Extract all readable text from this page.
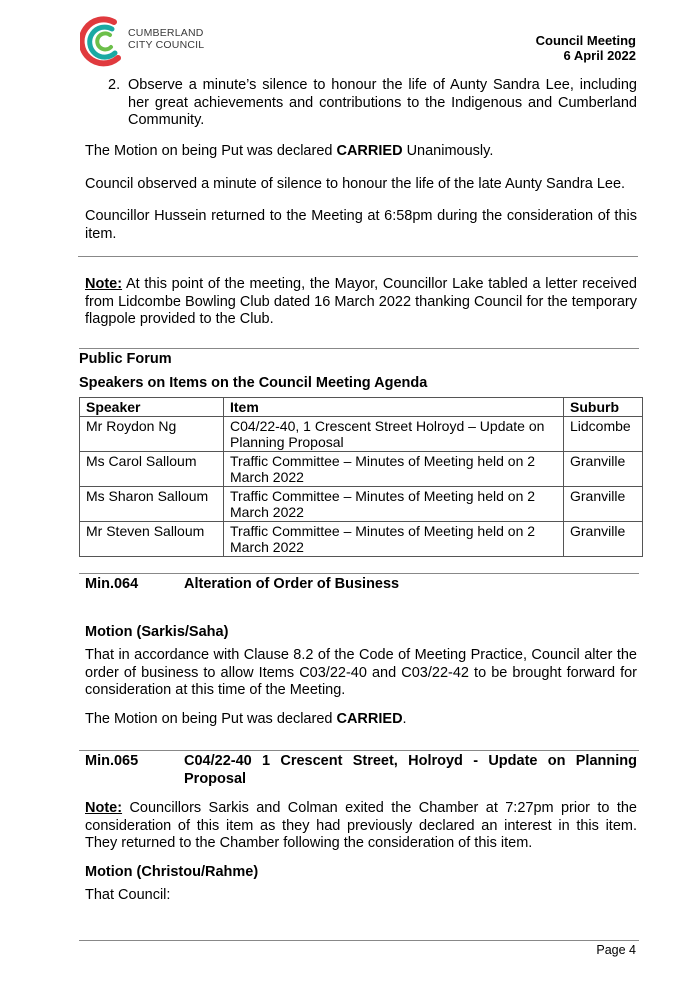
CUMBERLAND
CITY COUNCIL	Council Meeting
6 April 2022
2. Observe a minute’s silence to honour the life of Aunty Sandra Lee, including her great achievements and contributions to the Indigenous and Cumberland Community.
The Motion on being Put was declared CARRIED Unanimously.
Council observed a minute of silence to honour the life of the late Aunty Sandra Lee.
Councillor Hussein returned to the Meeting at 6:58pm during the consideration of this item.
Note: At this point of the meeting, the Mayor, Councillor Lake tabled a letter received from Lidcombe Bowling Club dated 16 March 2022 thanking Council for the temporary flagpole provided to the Club.
Public Forum
Speakers on Items on the Council Meeting Agenda
Speaker	Item	Suburb
Mr Roydon Ng	C04/22-40, 1 Crescent Street Holroyd – Update on Planning Proposal	Lidcombe
Ms Carol Salloum	Traffic Committee – Minutes of Meeting held on 2 March 2022	Granville
Ms Sharon Salloum	Traffic Committee – Minutes of Meeting held on 2 March 2022	Granville
Mr Steven Salloum	Traffic Committee – Minutes of Meeting held on 2 March 2022	Granville
Min.064	Alteration of Order of Business
Motion (Sarkis/Saha)
That in accordance with Clause 8.2 of the Code of Meeting Practice, Council alter the order of business to allow Items C03/22-40 and C03/22-42 to be brought forward for consideration at this time of the Meeting.
The Motion on being Put was declared CARRIED.
Min.065	C04/22-40 1 Crescent Street, Holroyd - Update on Planning Proposal
Note: Councillors Sarkis and Colman exited the Chamber at 7:27pm prior to the consideration of this item as they had previously declared an interest in this item. They returned to the Chamber following the consideration of this item.
Motion (Christou/Rahme)
That Council:
Page 4
